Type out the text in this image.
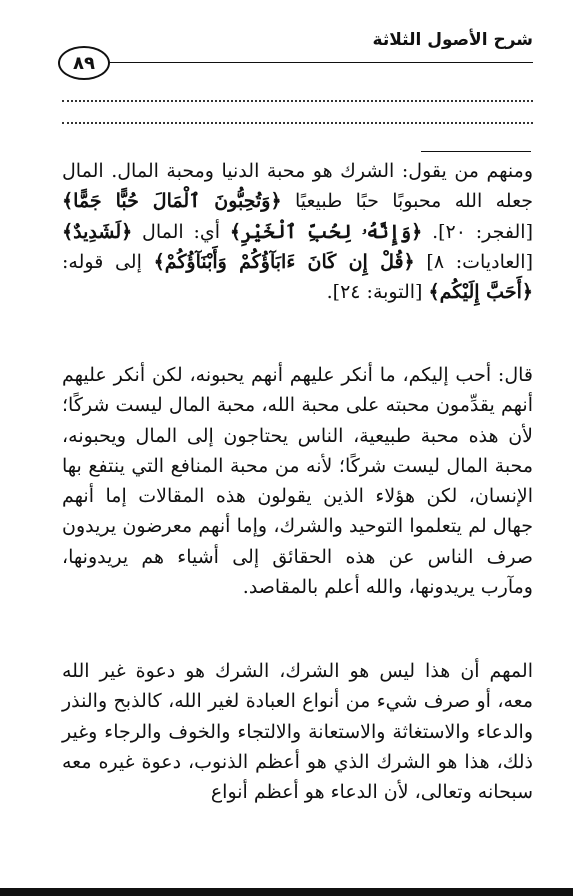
شرح الأصول الثلاثة
٨٩

ومنهم من يقول: الشرك هو محبة الدنيا ومحبة المال. المال جعله الله محبوبًا حبًا طبيعيًا ﴿وَتُحِبُّونَ ٱلْمَالَ حُبًّا جَمًّا﴾ [الفجر: ٢٠]. ﴿وَإِنَّهُۥ لِحُبِّ ٱلْخَيْرِ﴾ أي: المال ﴿لَشَدِيدٌ﴾ [العاديات: ٨] ﴿قُلْ إِن كَانَ ءَابَآؤُكُمْ وَأَبْنَآؤُكُمْ﴾ إلى قوله: ﴿أَحَبَّ إِلَيْكُم﴾ [التوبة: ٢٤].

قال: أحب إليكم، ما أنكر عليهم أنهم يحبونه، لكن أنكر عليهم أنهم يقدِّمون محبته على محبة الله، محبة المال ليست شركًا؛ لأن هذه محبة طبيعية، الناس يحتاجون إلى المال ويحبونه، محبة المال ليست شركًا؛ لأنه من محبة المنافع التي ينتفع بها الإنسان، لكن هؤلاء الذين يقولون هذه المقالات إما أنهم جهال لم يتعلموا التوحيد والشرك، وإما أنهم معرضون يريدون صرف الناس عن هذه الحقائق إلى أشياء هم يريدونها، ومآرب يريدونها، والله أعلم بالمقاصد.

المهم أن هذا ليس هو الشرك، الشرك هو دعوة غير الله معه، أو صرف شيء من أنواع العبادة لغير الله، كالذبح والنذر والدعاء والاستغاثة والاستعانة والالتجاء والخوف والرجاء وغير ذلك، هذا هو الشرك الذي هو أعظم الذنوب، دعوة غيره معه سبحانه وتعالى، لأن الدعاء هو أعظم أنواع
